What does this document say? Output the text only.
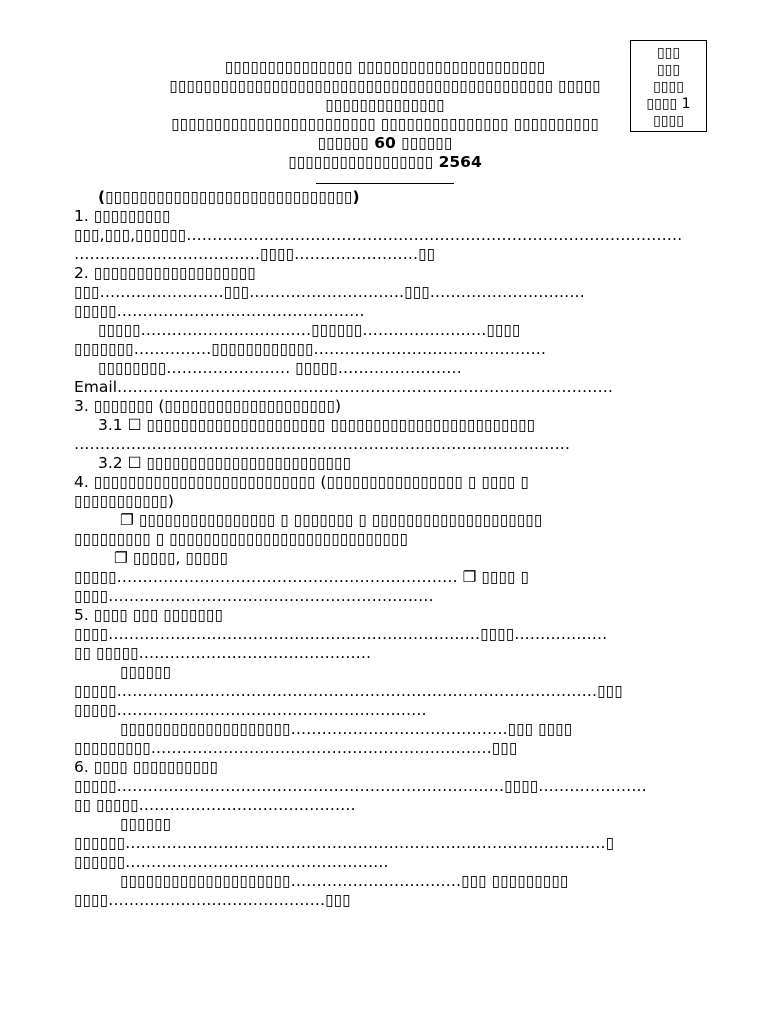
▯▯▯
▯▯▯
▯▯▯▯
▯▯▯▯ 1
▯▯▯▯
▯▯▯▯▯▯▯▯▯▯▯▯▯▯▯ ▯▯▯▯▯▯▯▯▯▯▯▯▯▯▯▯▯▯▯▯▯▯
▯▯▯▯▯▯▯▯▯▯▯▯▯▯▯▯▯▯▯▯▯▯▯▯▯▯▯▯▯▯▯▯▯▯▯▯▯▯▯▯▯▯▯▯▯ ▯▯▯▯▯
▯▯▯▯▯▯▯▯▯▯▯▯▯▯
▯▯▯▯▯▯▯▯▯▯▯▯▯▯▯▯▯▯▯▯▯▯▯▯ ▯▯▯▯▯▯▯▯▯▯▯▯▯▯▯ ▯▯▯▯▯▯▯▯▯▯
▯▯▯▯▯▯ 60 ▯▯▯▯▯▯
▯▯▯▯▯▯▯▯▯▯▯▯▯▯▯▯▯ 2564
(▯▯▯▯▯▯▯▯▯▯▯▯▯▯▯▯▯▯▯▯▯▯▯▯▯▯▯▯▯)
1. ▯▯▯▯▯▯▯▯▯
▯▯▯,▯▯▯,▯▯▯▯▯▯……………………………………………………………………………………
………………………………▯▯▯▯……………………▯▯
2. ▯▯▯▯▯▯▯▯▯▯▯▯▯▯▯▯▯▯▯
▯▯▯……………………▯▯▯…………………………▯▯▯…………………………
▯▯▯▯▯…………………………………………
▯▯▯▯▯……………………………▯▯▯▯▯▯……………………▯▯▯▯
▯▯▯▯▯▯▯……………▯▯▯▯▯▯▯▯▯▯▯▯………………………………………
▯▯▯▯▯▯▯▯…………………… ▯▯▯▯▯……………………
Email……………………………………………………………………………………
3. ▯▯▯▯▯▯▯ (▯▯▯▯▯▯▯▯▯▯▯▯▯▯▯▯▯▯▯▯)
3.1 ☐ ▯▯▯▯▯▯▯▯▯▯▯▯▯▯▯▯▯▯▯▯▯ ▯▯▯▯▯▯▯▯▯▯▯▯▯▯▯▯▯▯▯▯▯▯▯▯
……………………………………………………………………………………
3.2 ☐ ▯▯▯▯▯▯▯▯▯▯▯▯▯▯▯▯▯▯▯▯▯▯▯▯
4. ▯▯▯▯▯▯▯▯▯▯▯▯▯▯▯▯▯▯▯▯▯▯▯▯▯▯ (▯▯▯▯▯▯▯▯▯▯▯▯▯▯▯▯ ▯ ▯▯▯▯ ▯
▯▯▯▯▯▯▯▯▯▯▯)
❐ ▯▯▯▯▯▯▯▯▯▯▯▯▯▯▯▯ ▯ ▯▯▯▯▯▯▯ ▯ ▯▯▯▯▯▯▯▯▯▯▯▯▯▯▯▯▯▯▯▯
▯▯▯▯▯▯▯▯▯ ▯ ▯▯▯▯▯▯▯▯▯▯▯▯▯▯▯▯▯▯▯▯▯▯▯▯▯▯▯▯
❐ ▯▯▯▯▯, ▯▯▯▯▯
▯▯▯▯▯………………………………………………………… ❐ ▯▯▯▯ ▯
▯▯▯▯………………………………………………………
5. ▯▯▯▯ ▯▯▯ ▯▯▯▯▯▯▯
▯▯▯▯………………………………………………………………▯▯▯▯………………
▯▯ ▯▯▯▯▯………………………………………
▯▯▯▯▯▯
▯▯▯▯▯…………………………………………………………………………………▯▯▯
▯▯▯▯▯……………………………………………………
▯▯▯▯▯▯▯▯▯▯▯▯▯▯▯▯▯▯▯▯……………………………………▯▯▯ ▯▯▯▯
▯▯▯▯▯▯▯▯▯…………………………………………………………▯▯▯
6. ▯▯▯▯ ▯▯▯▯▯▯▯▯▯▯
▯▯▯▯▯…………………………………………………………………▯▯▯▯…………………
▯▯ ▯▯▯▯▯……………………………………
▯▯▯▯▯▯
▯▯▯▯▯▯…………………………………………………………………………………▯
▯▯▯▯▯▯……………………………………………
▯▯▯▯▯▯▯▯▯▯▯▯▯▯▯▯▯▯▯▯……………………………▯▯▯ ▯▯▯▯▯▯▯▯▯
▯▯▯▯……………………………………▯▯▯
